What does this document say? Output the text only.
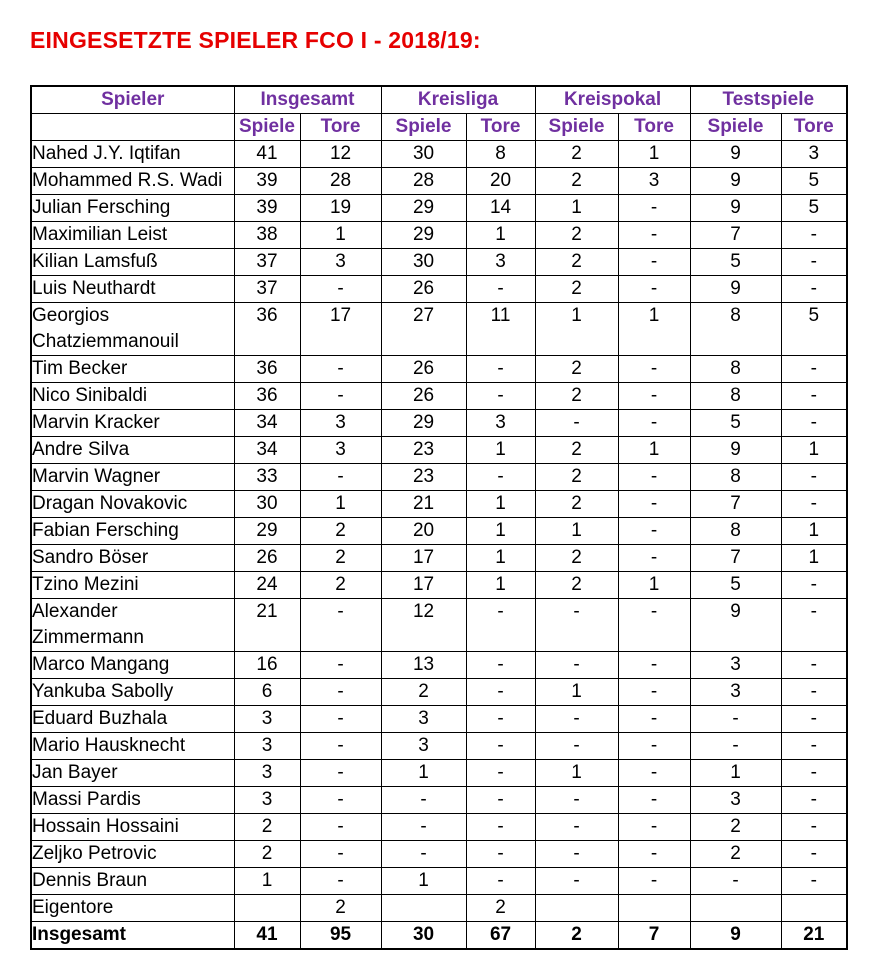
EINGESETZTE SPIELER FCO I - 2018/19:
Spieler	Insgesamt		Kreisliga		Kreispokal		Testspiele	
	Spiele	Tore	Spiele	Tore	Spiele	Tore	Spiele	Tore
Nahed J.Y. Iqtifan	41	12	30	8	2	1	9	3
Mohammed R.S. Wadi	39	28	28	20	2	3	9	5
Julian Fersching	39	19	29	14	1	-	9	5
Maximilian Leist	38	1	29	1	2	-	7	-
Kilian Lamsfuß	37	3	30	3	2	-	5	-
Luis Neuthardt	37	-	26	-	2	-	9	-
Georgios Chatziemmanouil	36	17	27	11	1	1	8	5
Tim Becker	36	-	26	-	2	-	8	-
Nico Sinibaldi	36	-	26	-	2	-	8	-
Marvin Kracker	34	3	29	3	-	-	5	-
Andre Silva	34	3	23	1	2	1	9	1
Marvin Wagner	33	-	23	-	2	-	8	-
Dragan Novakovic	30	1	21	1	2	-	7	-
Fabian Fersching	29	2	20	1	1	-	8	1
Sandro Böser	26	2	17	1	2	-	7	1
Tzino Mezini	24	2	17	1	2	1	5	-
Alexander Zimmermann	21	-	12	-	-	-	9	-
Marco Mangang	16	-	13	-	-	-	3	-
Yankuba Sabolly	6	-	2	-	1	-	3	-
Eduard Buzhala	3	-	3	-	-	-	-	-
Mario Hausknecht	3	-	3	-	-	-	-	-
Jan Bayer	3	-	1	-	1	-	1	-
Massi Pardis	3	-	-	-	-	-	3	-
Hossain Hossaini	2	-	-	-	-	-	2	-
Zeljko Petrovic	2	-	-	-	-	-	2	-
Dennis Braun	1	-	1	-	-	-	-	-
Eigentore		2		2				
Insgesamt	41	95	30	67	2	7	9	21
